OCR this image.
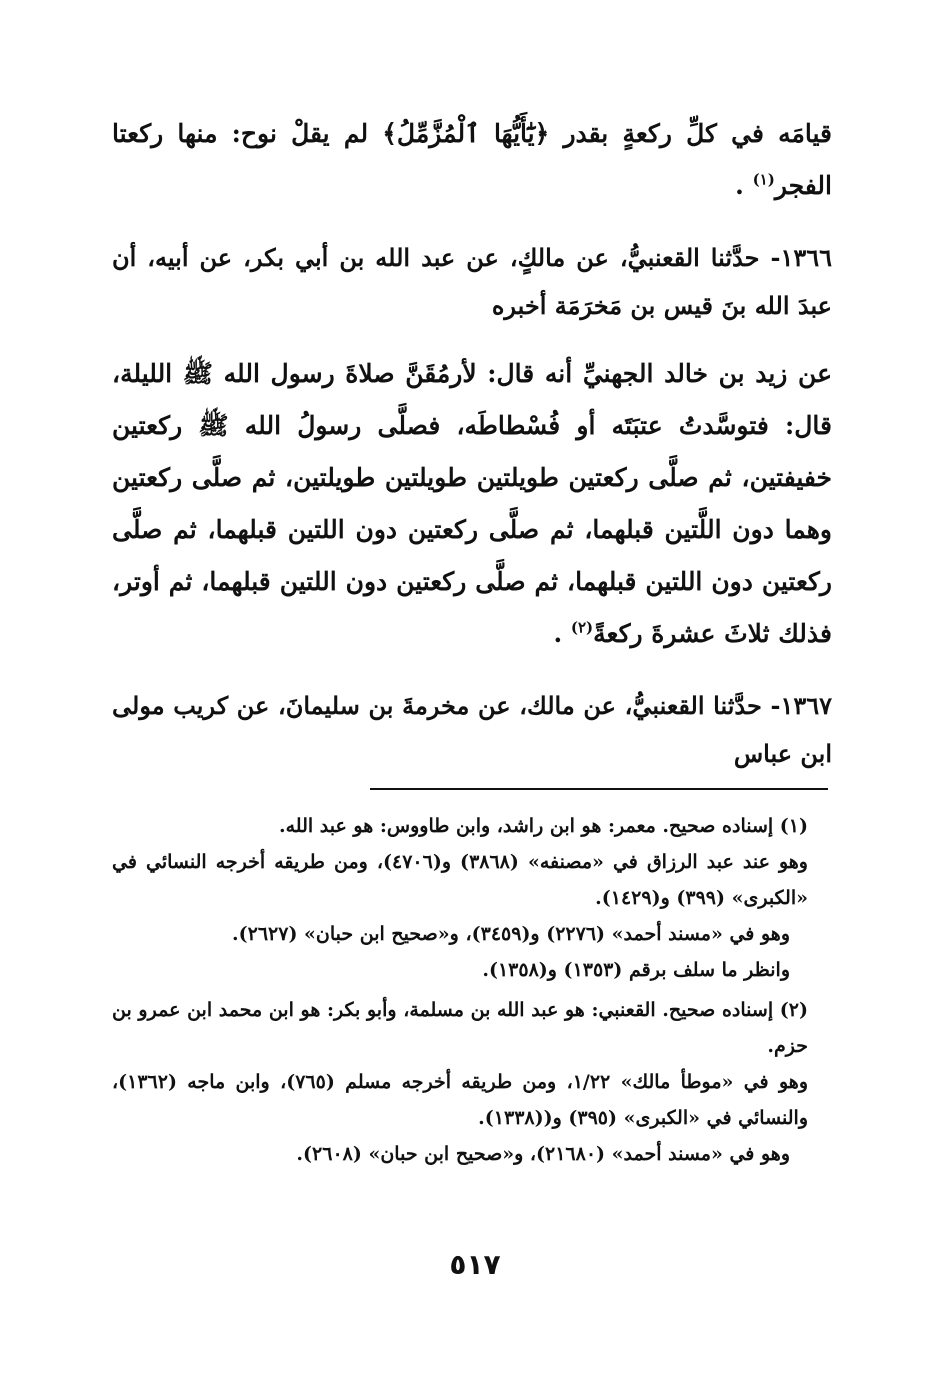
قيامَه في كلِّ ركعةٍ بقدر ﴿يَٰٓأَيُّهَا ٱلْمُزَّمِّلُ﴾ لم يقلْ نوح: منها ركعتا الفجر$^{(١)}$ .

١٣٦٦- حدَّثنا القعنبيُّ، عن مالكٍ، عن عبد الله بن أبي بكر، عن أبيه، أن عبدَ الله بنَ قيس بن مَخرَمَة أخبره

عن زيد بن خالد الجهنيِّ أنه قال: لأرمُقَنَّ صلاةَ رسول الله ﷺ الليلة، قال: فتوسَّدتُ عتبَتَه أو فُسْطاطَه، فصلَّى رسولُ الله ﷺ ركعتين خفيفتين، ثم صلَّى ركعتين طويلتين طويلتين طويلتين، ثم صلَّى ركعتين وهما دون اللَّتين قبلهما، ثم صلَّى ركعتين دون اللتين قبلهما، ثم صلَّى ركعتين دون اللتين قبلهما، ثم صلَّى ركعتين دون اللتين قبلهما، ثم أوتر، فذلك ثلاثَ عشرةَ ركعةً$^{(٢)}$ .

١٣٦٧- حدَّثنا القعنبيُّ، عن مالك، عن مخرمةَ بن سليمانَ، عن كريب مولى ابن عباس

(١) إسناده صحيح. معمر: هو ابن راشد، وابن طاووس: هو عبد الله.

وهو عند عبد الرزاق في «مصنفه» (٣٨٦٨) و(٤٧٠٦)، ومن طريقه أخرجه النسائي في «الكبرى» (٣٩٩) و(١٤٢٩).

وهو في «مسند أحمد» (٢٢٧٦) و(٣٤٥٩)، و«صحيح ابن حبان» (٢٦٢٧).

وانظر ما سلف برقم (١٣٥٣) و(١٣٥٨).

(٢) إسناده صحيح. القعنبي: هو عبد الله بن مسلمة، وأبو بكر: هو ابن محمد ابن عمرو بن حزم.

وهو في «موطأ مالك» ١/٢٢، ومن طريقه أخرجه مسلم (٧٦٥)، وابن ماجه (١٣٦٢)، والنسائي في «الكبرى» (٣٩٥) و((١٣٣٨).

وهو في «مسند أحمد» (٢١٦٨٠)، و«صحيح ابن حبان» (٢٦٠٨).

٥١٧
